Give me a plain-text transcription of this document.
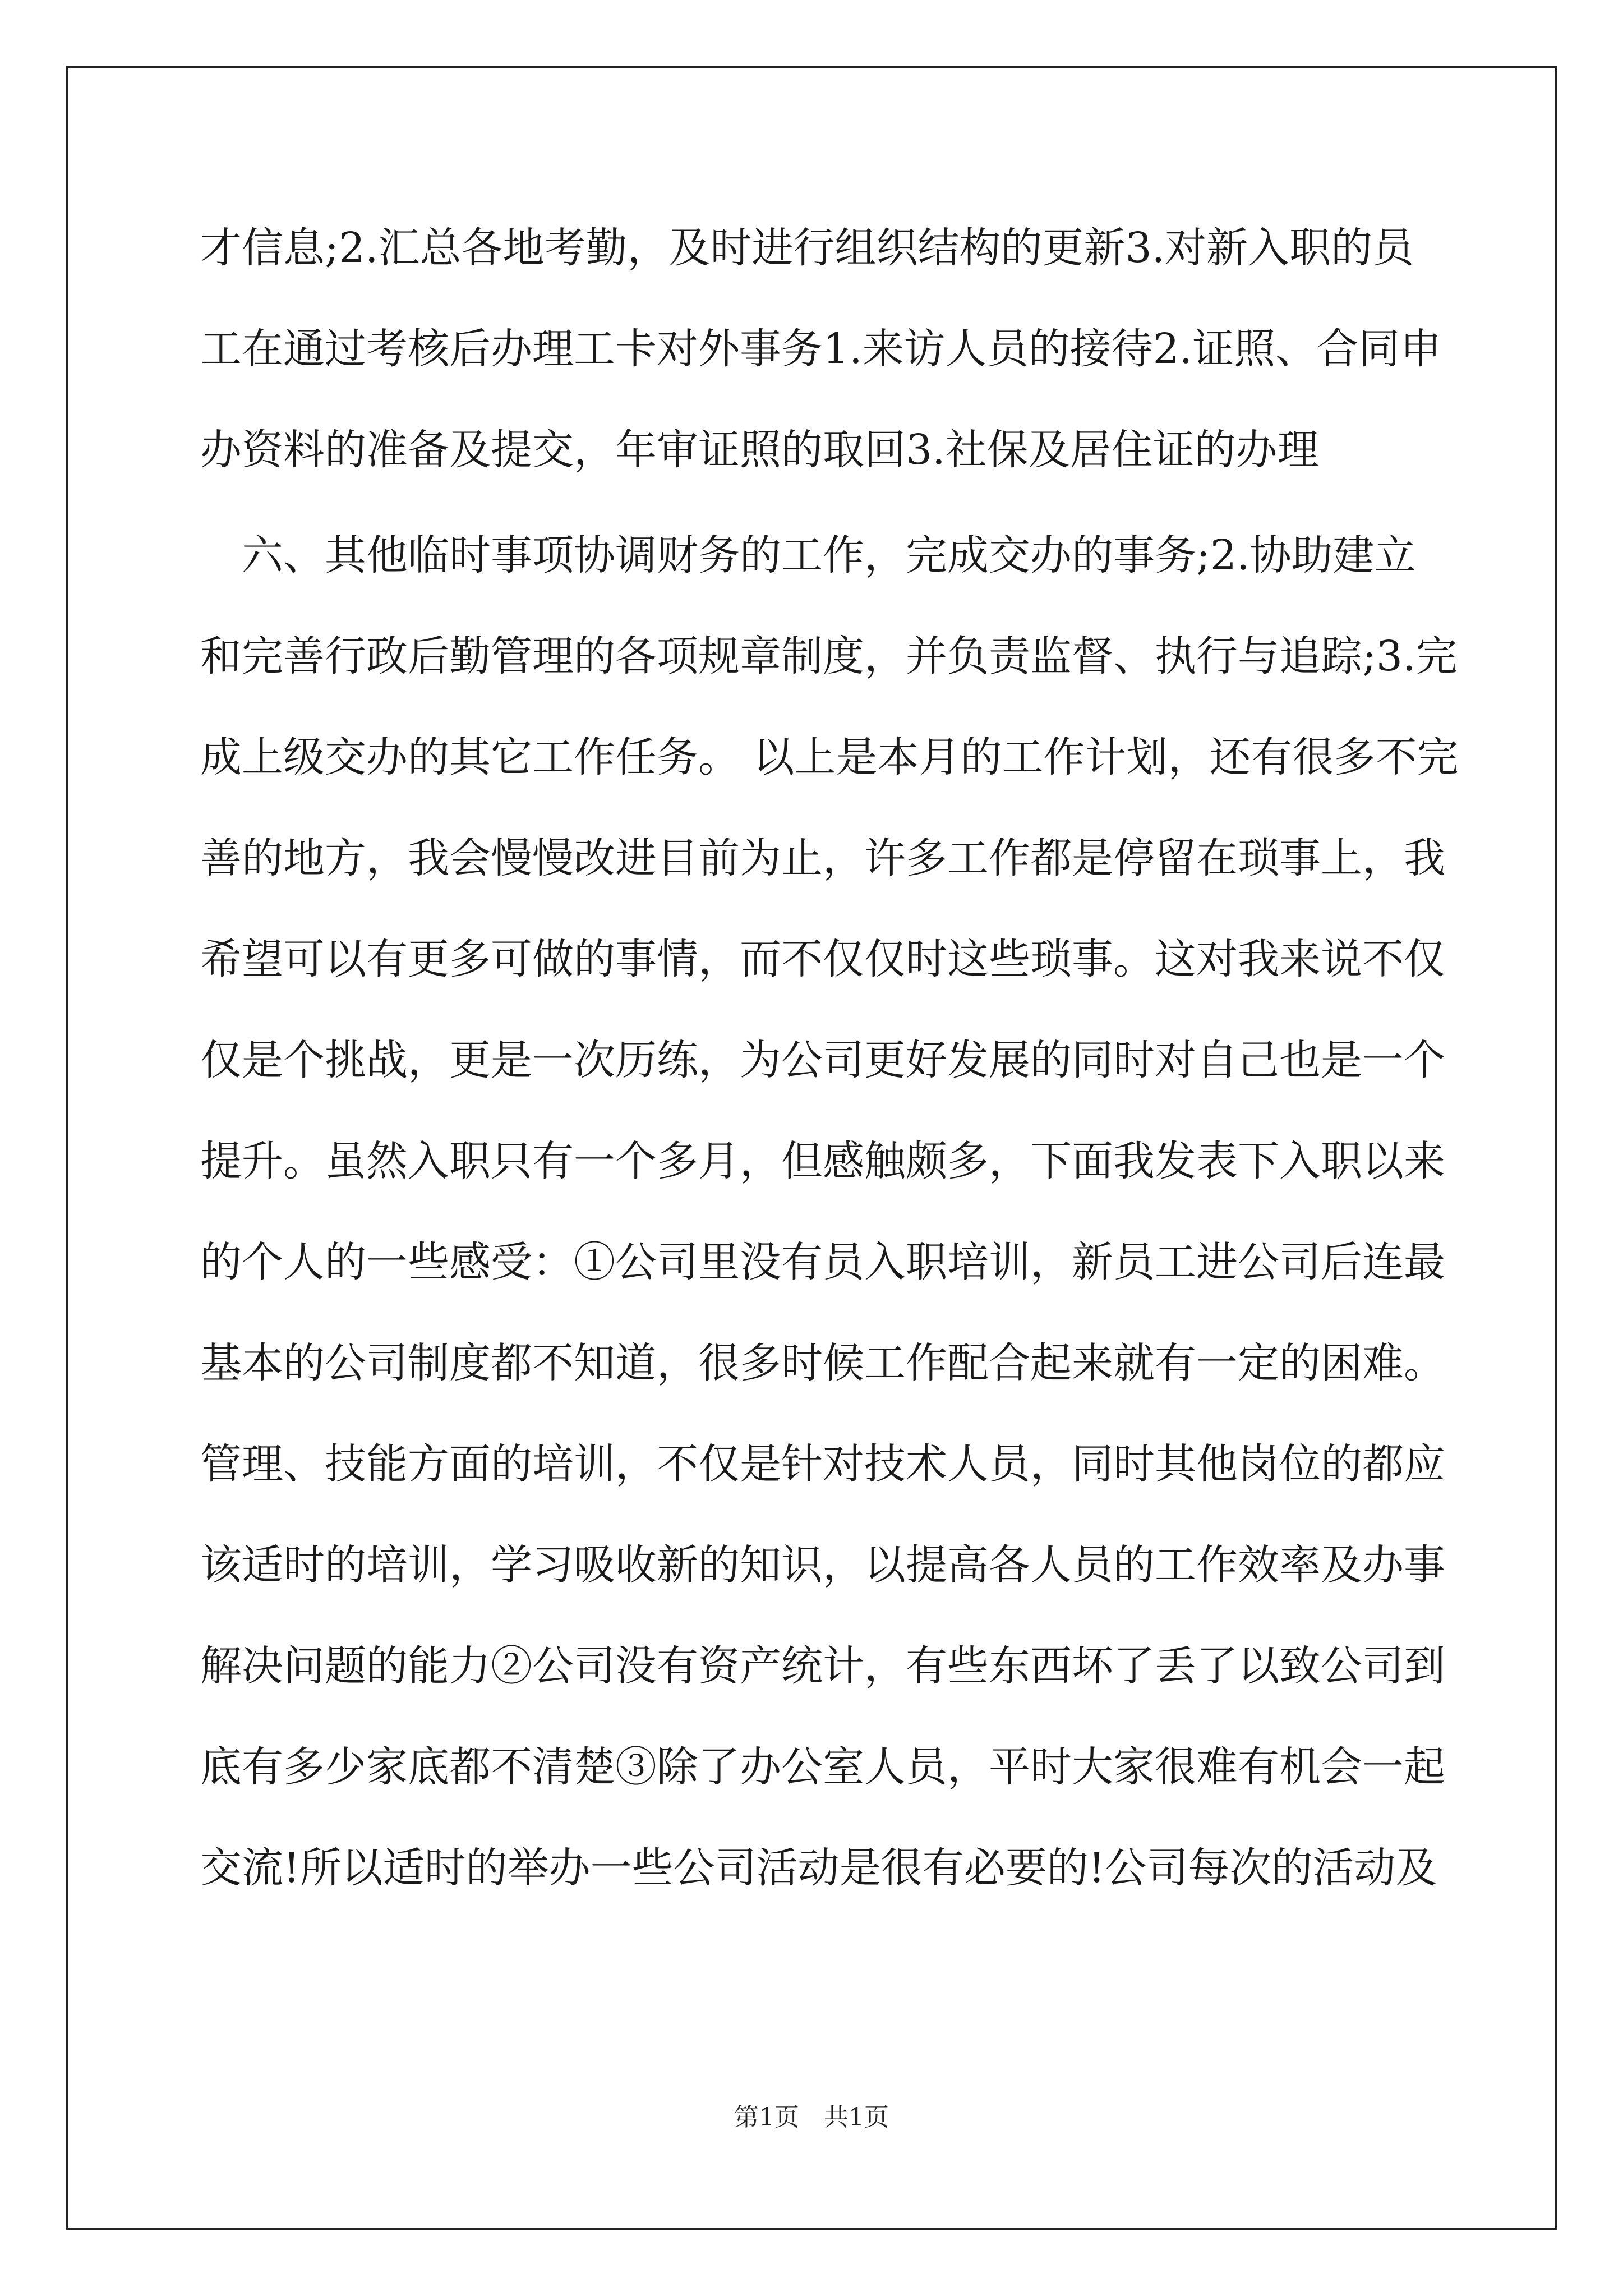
才信息;2.汇总各地考勤，及时进行组织结构的更新3.对新入职的员
工在通过考核后办理工卡对外事务1.来访人员的接待2.证照、合同申
办资料的准备及提交，年审证照的取回3.社保及居住证的办理
　六、其他临时事项协调财务的工作，完成交办的事务;2.协助建立
和完善行政后勤管理的各项规章制度，并负责监督、执行与追踪;3.完
成上级交办的其它工作任务。 以上是本月的工作计划，还有很多不完
善的地方，我会慢慢改进目前为止，许多工作都是停留在琐事上，我
希望可以有更多可做的事情，而不仅仅时这些琐事。这对我来说不仅
仅是个挑战，更是一次历练，为公司更好发展的同时对自己也是一个
提升。虽然入职只有一个多月，但感触颇多，下面我发表下入职以来
的个人的一些感受：①公司里没有员入职培训，新员工进公司后连最
基本的公司制度都不知道，很多时候工作配合起来就有一定的困难。
管理、技能方面的培训，不仅是针对技术人员，同时其他岗位的都应
该适时的培训，学习吸收新的知识，以提高各人员的工作效率及办事
解决问题的能力②公司没有资产统计，有些东西坏了丢了以致公司到
底有多少家底都不清楚③除了办公室人员，平时大家很难有机会一起
交流!所以适时的举办一些公司活动是很有必要的!公司每次的活动及
第1页　共1页
